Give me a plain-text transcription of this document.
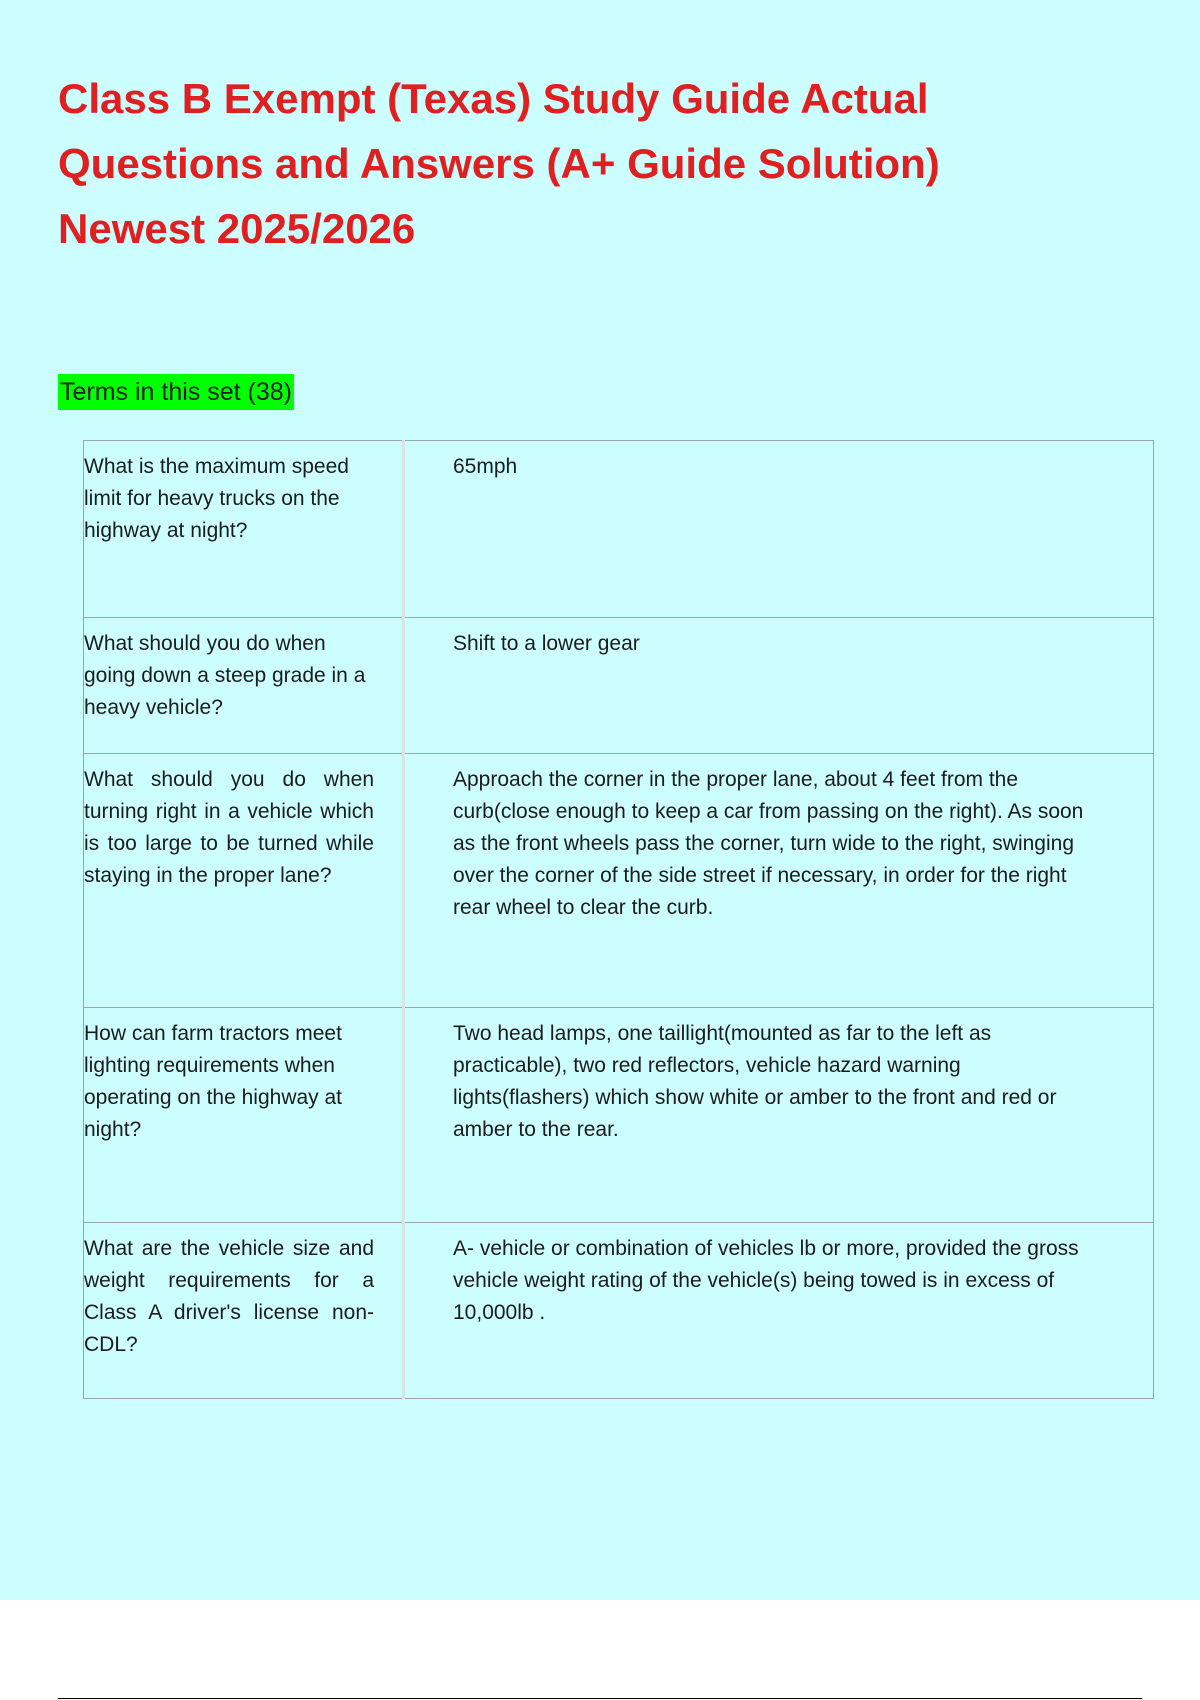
Class B Exempt (Texas) Study Guide Actual
Questions and Answers (A+ Guide Solution)
Newest 2025/2026
Terms in this set (38)
What is the maximum speed limit for heavy trucks on the highway at night?	65mph
What should you do when going down a steep grade in a heavy vehicle?	Shift to a lower gear
What should you do when turning right in a vehicle which is too large to be turned while staying in the proper lane?	Approach the corner in the proper lane, about 4 feet from the curb(close enough to keep a car from passing on the right). As soon as the front wheels pass the corner, turn wide to the right, swinging over the corner of the side street if necessary, in order for the right rear wheel to clear the curb.
How can farm tractors meet lighting requirements when operating on the highway at night?	Two head lamps, one taillight(mounted as far to the left as practicable), two red reflectors, vehicle hazard warning lights(flashers) which show white or amber to the front and red or amber to the rear.
What are the vehicle size and weight requirements for a Class A driver's license non-CDL?	A- vehicle or combination of vehicles lb or more, provided the gross vehicle weight rating of the vehicle(s) being towed is in excess of 10,000lb .
